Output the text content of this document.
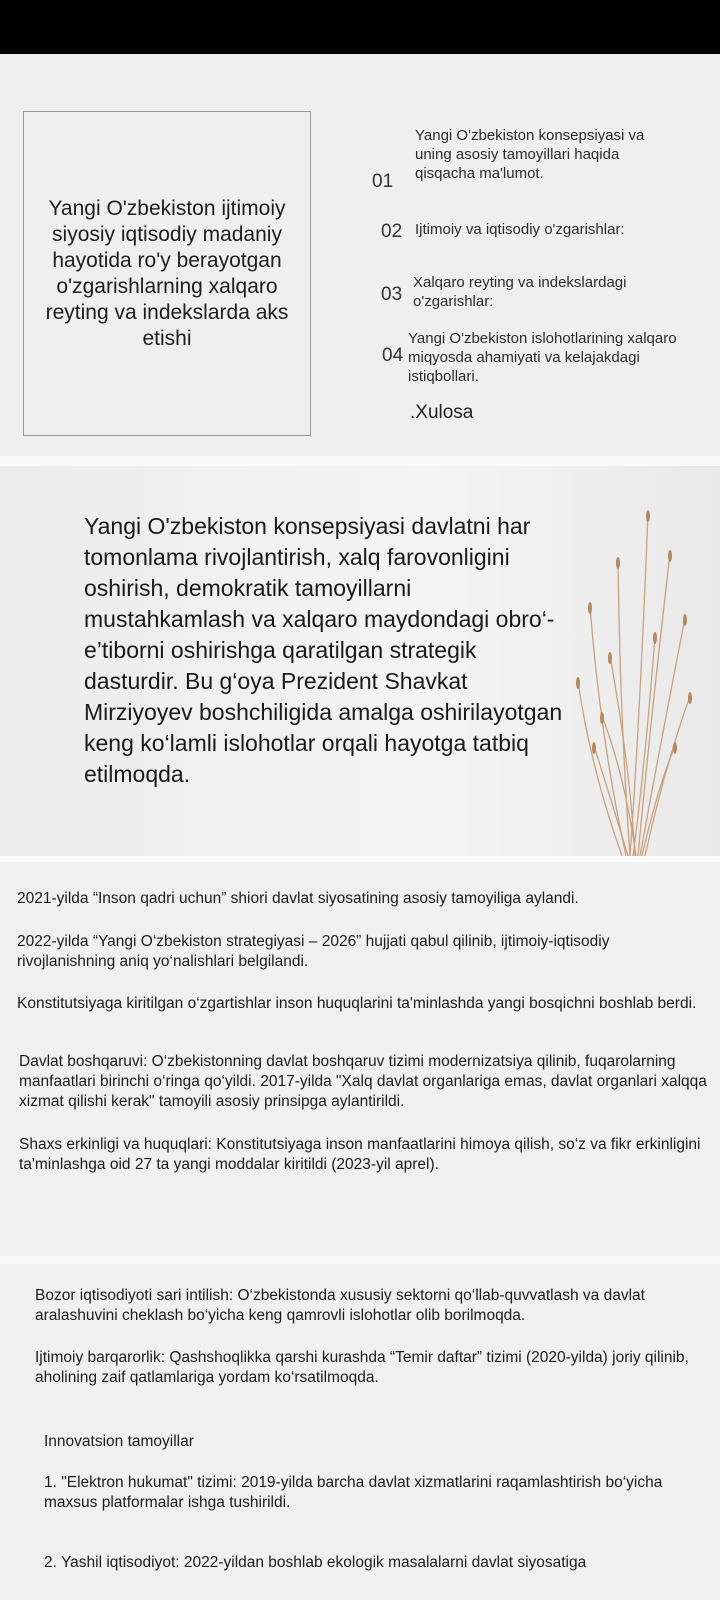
Yangi O'zbekiston ijtimoiy siyosiy iqtisodiy madaniy hayotida ro'y berayotgan o'zgarishlarning xalqaro reyting va indekslarda aks etishi
01
Yangi O'zbekiston konsepsiyasi va uning asosiy tamoyillari haqida qisqacha ma'lumot.
02 Ijtimoiy va iqtisodiy o'zgarishlar:
03
Xalqaro reyting va indekslardagi o'zgarishlar:
04
Yangi O'zbekiston islohotlarining xalqaro miqyosda ahamiyati va kelajakdagi istiqbollari.
.Xulosa
Yangi O'zbekiston konsepsiyasi davlatni har tomonlama rivojlantirish, xalq farovonligini oshirish, demokratik tamoyillarni mustahkamlash va xalqaro maydondagi obro‘-e’tiborni oshirishga qaratilgan strategik dasturdir. Bu g‘oya Prezident Shavkat Mirziyoyev boshchiligida amalga oshirilayotgan keng ko‘lamli islohotlar orqali hayotga tatbiq etilmoqda.
2021-yilda “Inson qadri uchun” shiori davlat siyosatining asosiy tamoyiliga aylandi.
2022-yilda “Yangi O‘zbekiston strategiyasi – 2026” hujjati qabul qilinib, ijtimoiy-iqtisodiy rivojlanishning aniq yo‘nalishlari belgilandi.
Konstitutsiyaga kiritilgan o‘zgartishlar inson huquqlarini ta'minlashda yangi bosqichni boshlab berdi.
Davlat boshqaruvi: O‘zbekistonning davlat boshqaruv tizimi modernizatsiya qilinib, fuqarolarning manfaatlari birinchi o‘ringa qo‘yildi. 2017-yilda "Xalq davlat organlariga emas, davlat organlari xalqqa xizmat qilishi kerak" tamoyili asosiy prinsipga aylantirildi.
Shaxs erkinligi va huquqlari: Konstitutsiyaga inson manfaatlarini himoya qilish, so‘z va fikr erkinligini ta'minlashga oid 27 ta yangi moddalar kiritildi (2023-yil aprel).
Bozor iqtisodiyoti sari intilish: O‘zbekistonda xususiy sektorni qo‘llab-quvvatlash va davlat aralashuvini cheklash bo‘yicha keng qamrovli islohotlar olib borilmoqda.
Ijtimoiy barqarorlik: Qashshoqlikka qarshi kurashda “Temir daftar” tizimi (2020-yilda) joriy qilinib, aholining zaif qatlamlariga yordam ko‘rsatilmoqda.
Innovatsion tamoyillar
1. "Elektron hukumat" tizimi: 2019-yilda barcha davlat xizmatlarini raqamlashtirish bo‘yicha maxsus platformalar ishga tushirildi.
2. Yashil iqtisodiyot: 2022-yildan boshlab ekologik masalalarni davlat siyosatiga
